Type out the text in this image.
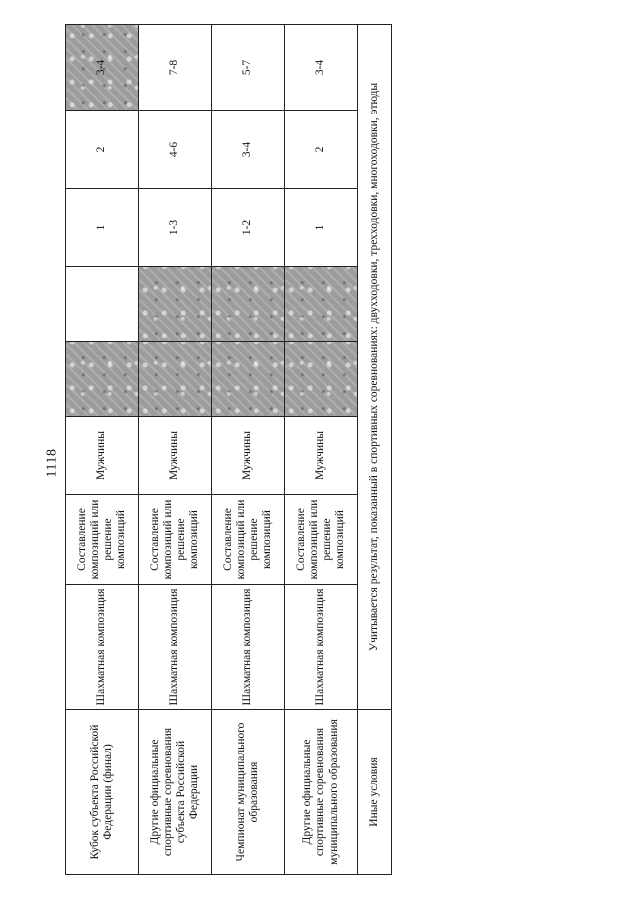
1118
Кубок субъекта Российской Федерации (финал)	Шахматная композиция	Составление композиций или решение композиций	Мужчины			1	2	3-4
Другие официальные спортивные соревнования субъекта Российской Федерации	Шахматная композиция	Составление композиций или решение композиций	Мужчины			1-3	4-6	7-8
Чемпионат муниципального образования	Шахматная композиция	Составление композиций или решение композиций	Мужчины			1-2	3-4	5-7
Другие официальные спортивные соревнования муниципального образования	Шахматная композиция	Составление композиций или решение композиций	Мужчины			1	2	3-4
Иные условия	Учитывается результат, показанный в спортивных соревнованиях: двухходовки, трехходовки, многоходовки, этюды							
